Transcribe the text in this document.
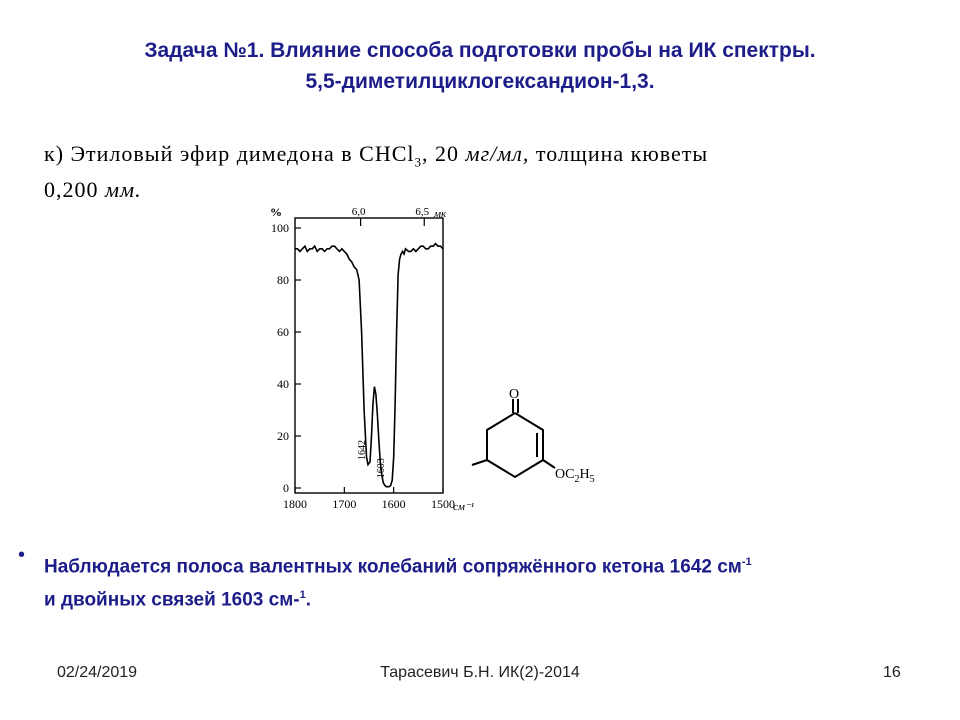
Задача №1. Влияние способа подготовки пробы на ИК спектры.
5,5-диметилциклогександион-1,3.
к) Этиловый эфир димедона в CHCl$_3$, 20 мг/мл, толщина кюветы
0,200 мм.
%
см⁻¹
мк
100
80
60
40
20
0
1800 1700 1600 1500
6,0	6,5
1642
1603
O
$OC_2H_5$
•
Наблюдается полоса валентных колебаний сопряжённого кетона 1642 $см^{-1}$
и двойных связей 1603 см-$^1$.
02/24/2019	Тарасевич Б.Н. ИК(2)-2014	16
